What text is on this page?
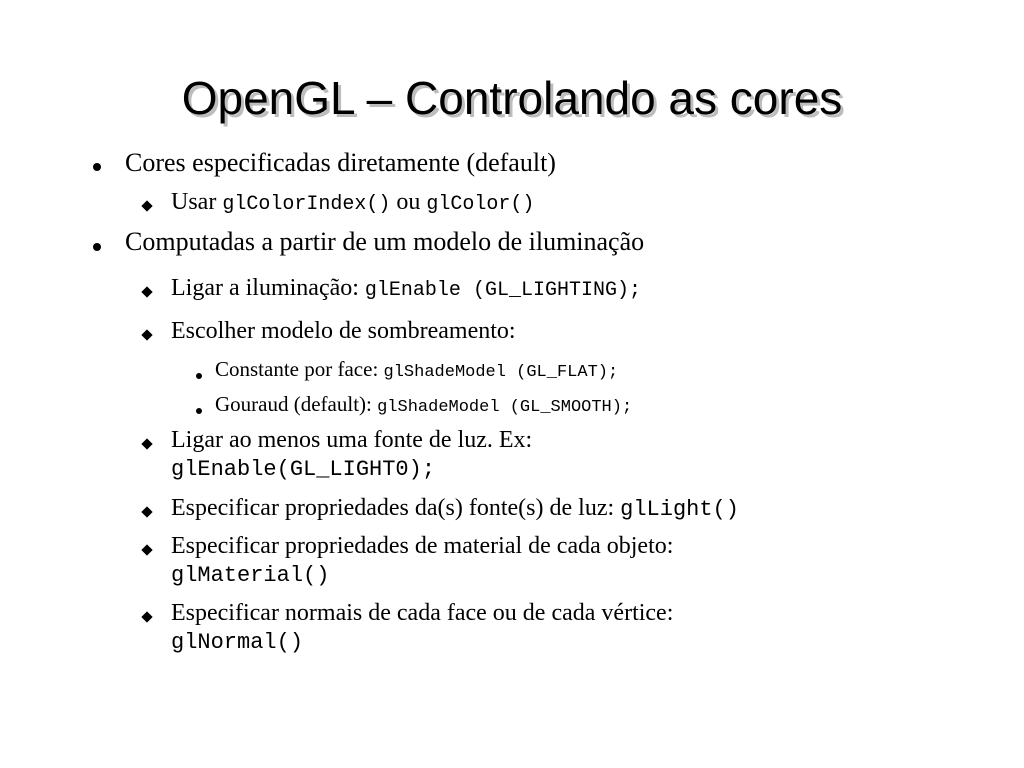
OpenGL – Controlando as cores
Cores especificadas diretamente (default)
Usar glColorIndex() ou glColor()
Computadas a partir de um modelo de iluminação
Ligar a iluminação: glEnable (GL_LIGHTING);
Escolher modelo de sombreamento:
Constante por face: glShadeModel (GL_FLAT);
Gouraud (default): glShadeModel (GL_SMOOTH);
Ligar ao menos uma fonte de luz. Ex:
glEnable(GL_LIGHT0);
Especificar propriedades da(s) fonte(s) de luz: glLight()
Especificar propriedades de material de cada objeto:
glMaterial()
Especificar normais de cada face ou de cada vértice:
glNormal()
